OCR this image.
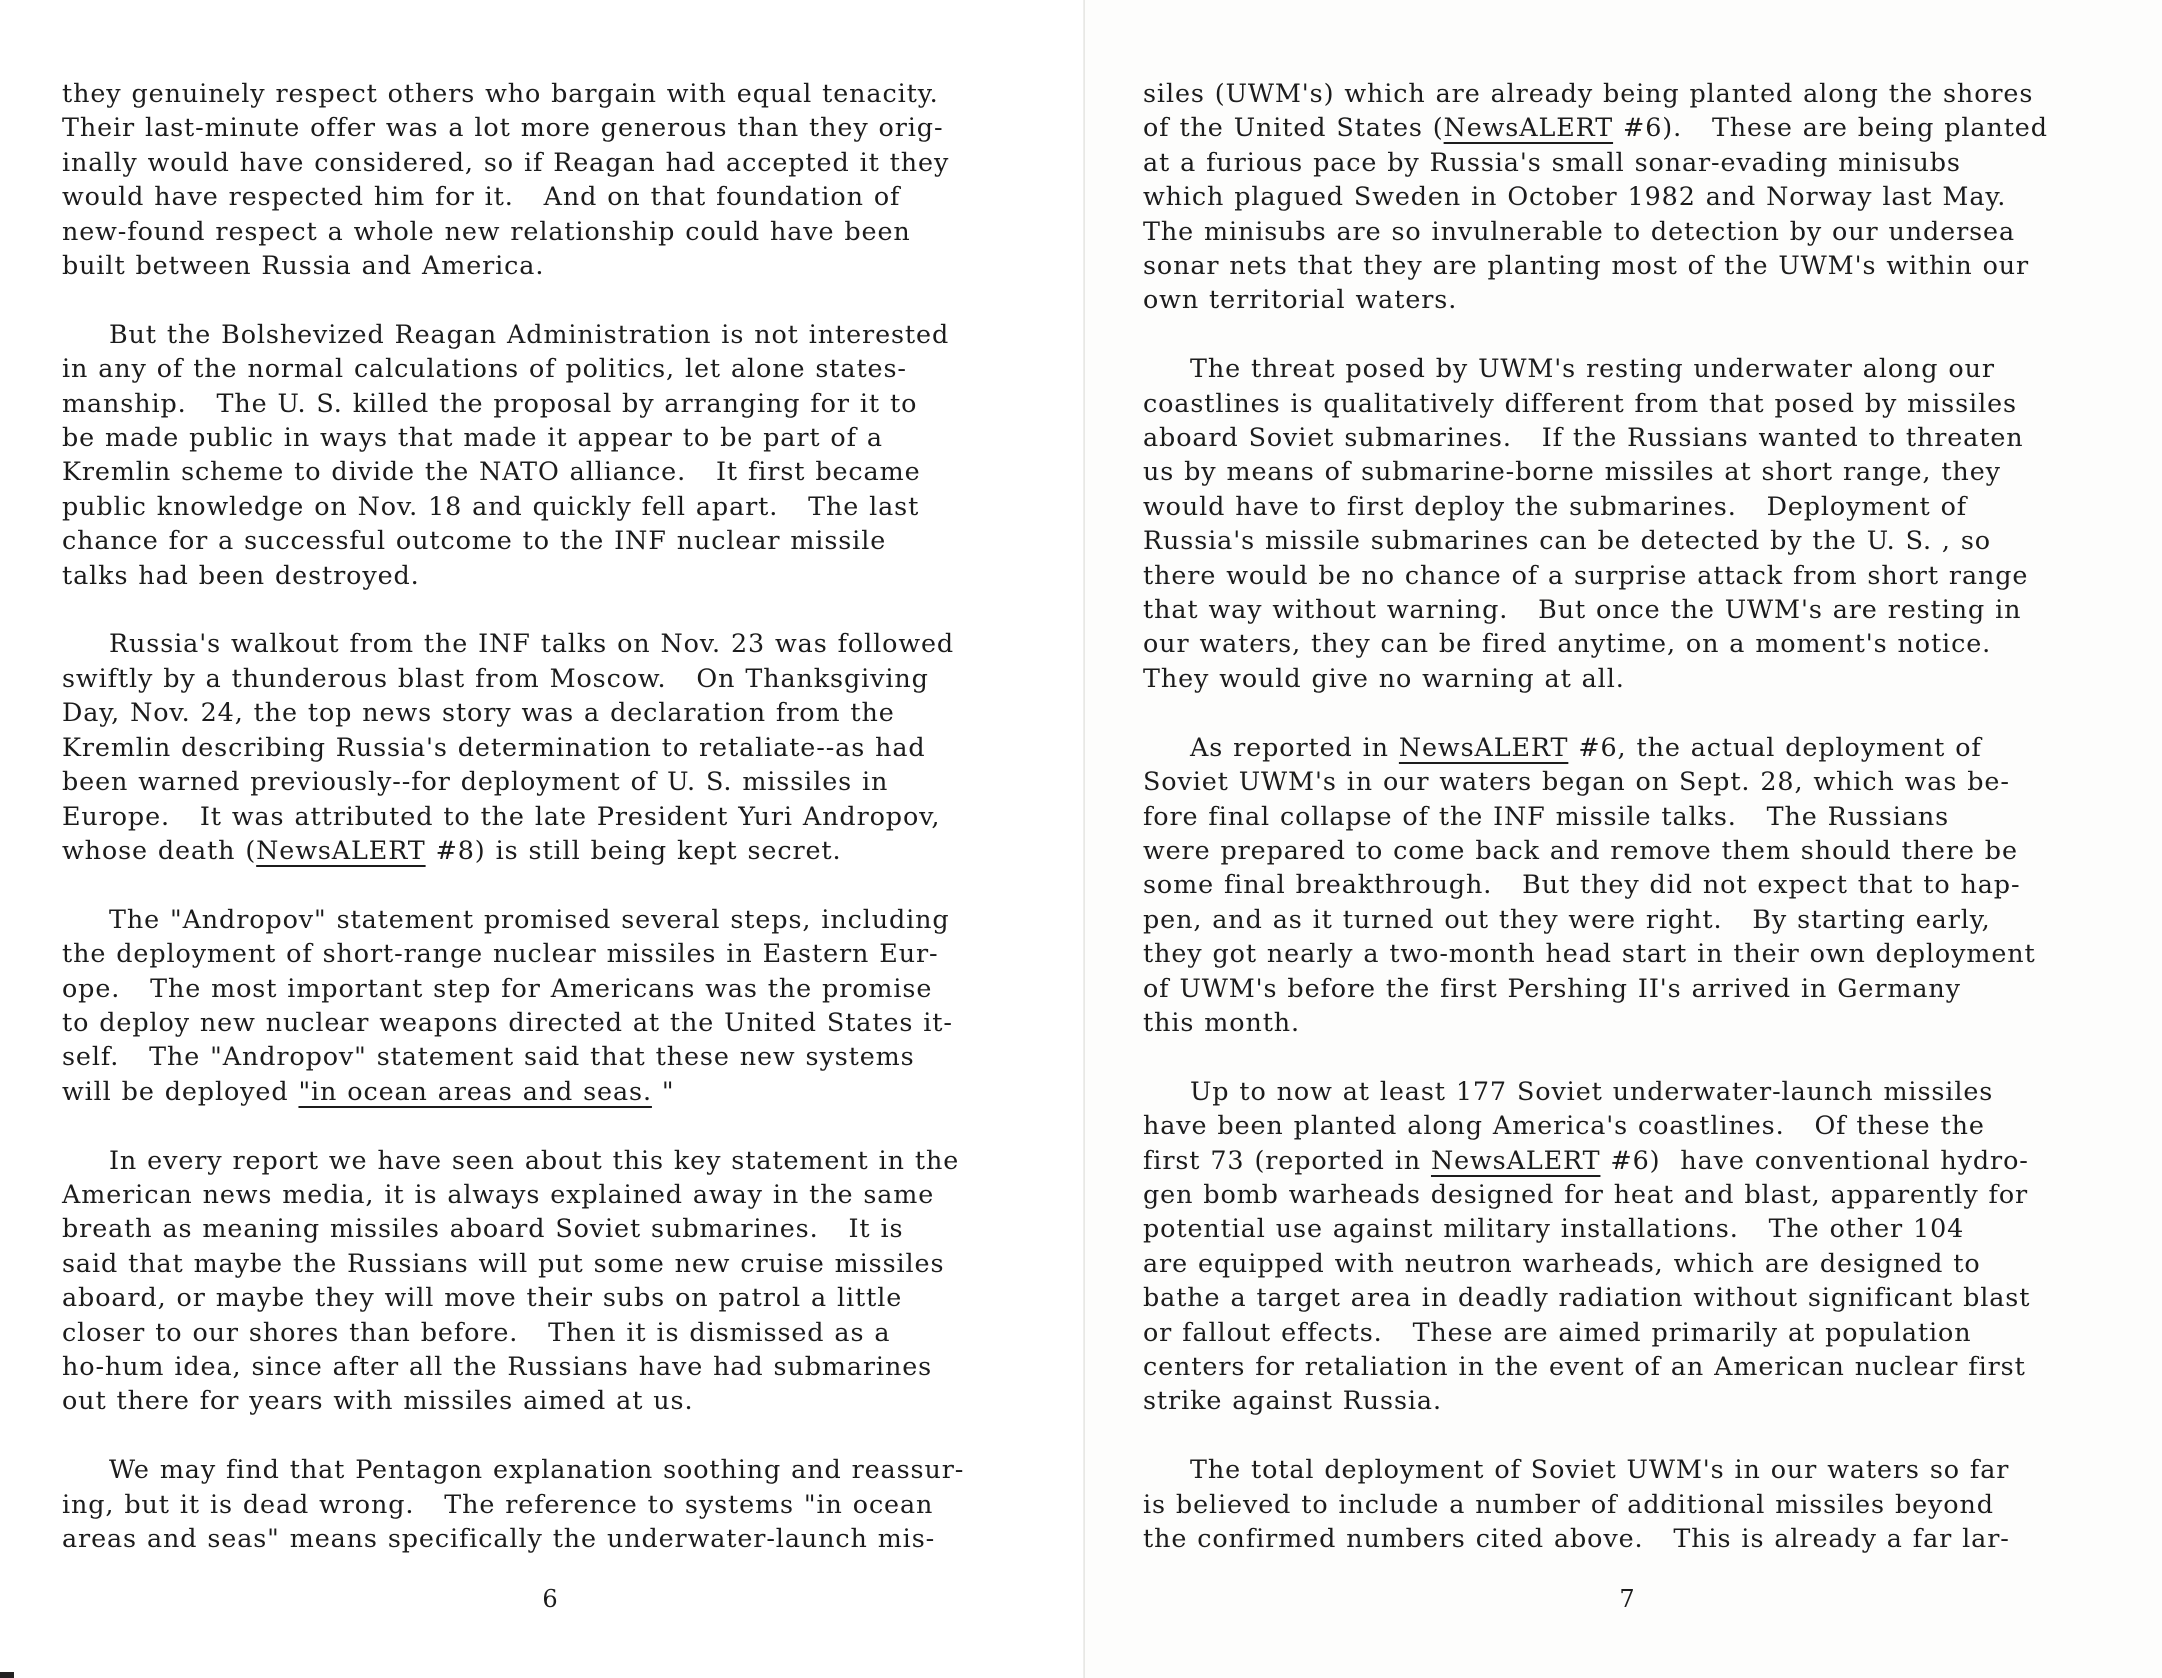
they genuinely respect others who bargain with equal tenacity.
Their last-minute offer was a lot more generous than they orig-
inally would have considered, so if Reagan had accepted it they
would have respected him for it.   And on that foundation of
new-found respect a whole new relationship could have been
built between Russia and America.

But the Bolshevized Reagan Administration is not interested
in any of the normal calculations of politics, let alone states-
manship.   The U. S. killed the proposal by arranging for it to
be made public in ways that made it appear to be part of a
Kremlin scheme to divide the NATO alliance.   It first became
public knowledge on Nov. 18 and quickly fell apart.   The last
chance for a successful outcome to the INF nuclear missile
talks had been destroyed.

Russia's walkout from the INF talks on Nov. 23 was followed
swiftly by a thunderous blast from Moscow.   On Thanksgiving
Day, Nov. 24, the top news story was a declaration from the
Kremlin describing Russia's determination to retaliate--as had
been warned previously--for deployment of U. S. missiles in
Europe.   It was attributed to the late President Yuri Andropov,
whose death (NewsALERT #8) is still being kept secret.

The "Andropov" statement promised several steps, including
the deployment of short-range nuclear missiles in Eastern Eur-
ope.   The most important step for Americans was the promise
to deploy new nuclear weapons directed at the United States it-
self.   The "Andropov" statement said that these new systems
will be deployed "in ocean areas and seas. "

In every report we have seen about this key statement in the
American news media, it is always explained away in the same
breath as meaning missiles aboard Soviet submarines.   It is
said that maybe the Russians will put some new cruise missiles
aboard, or maybe they will move their subs on patrol a little
closer to our shores than before.   Then it is dismissed as a
ho-hum idea, since after all the Russians have had submarines
out there for years with missiles aimed at us.

We may find that Pentagon explanation soothing and reassur-
ing, but it is dead wrong.   The reference to systems "in ocean
areas and seas" means specifically the underwater-launch mis-

6

siles (UWM's) which are already being planted along the shores
of the United States (NewsALERT #6).   These are being planted
at a furious pace by Russia's small sonar-evading minisubs
which plagued Sweden in October 1982 and Norway last May.
The minisubs are so invulnerable to detection by our undersea
sonar nets that they are planting most of the UWM's within our
own territorial waters.

The threat posed by UWM's resting underwater along our
coastlines is qualitatively different from that posed by missiles
aboard Soviet submarines.   If the Russians wanted to threaten
us by means of submarine-borne missiles at short range, they
would have to first deploy the submarines.   Deployment of
Russia's missile submarines can be detected by the U. S. , so
there would be no chance of a surprise attack from short range
that way without warning.   But once the UWM's are resting in
our waters, they can be fired anytime, on a moment's notice.
They would give no warning at all.

As reported in NewsALERT #6, the actual deployment of
Soviet UWM's in our waters began on Sept. 28, which was be-
fore final collapse of the INF missile talks.   The Russians
were prepared to come back and remove them should there be
some final breakthrough.   But they did not expect that to hap-
pen, and as it turned out they were right.   By starting early,
they got nearly a two-month head start in their own deployment
of UWM's before the first Pershing II's arrived in Germany
this month.

Up to now at least 177 Soviet underwater-launch missiles
have been planted along America's coastlines.   Of these the
first 73 (reported in NewsALERT #6)  have conventional hydro-
gen bomb warheads designed for heat and blast, apparently for
potential use against military installations.   The other 104
are equipped with neutron warheads, which are designed to
bathe a target area in deadly radiation without significant blast
or fallout effects.   These are aimed primarily at population
centers for retaliation in the event of an American nuclear first
strike against Russia.

The total deployment of Soviet UWM's in our waters so far
is believed to include a number of additional missiles beyond
the confirmed numbers cited above.   This is already a far lar-

7
